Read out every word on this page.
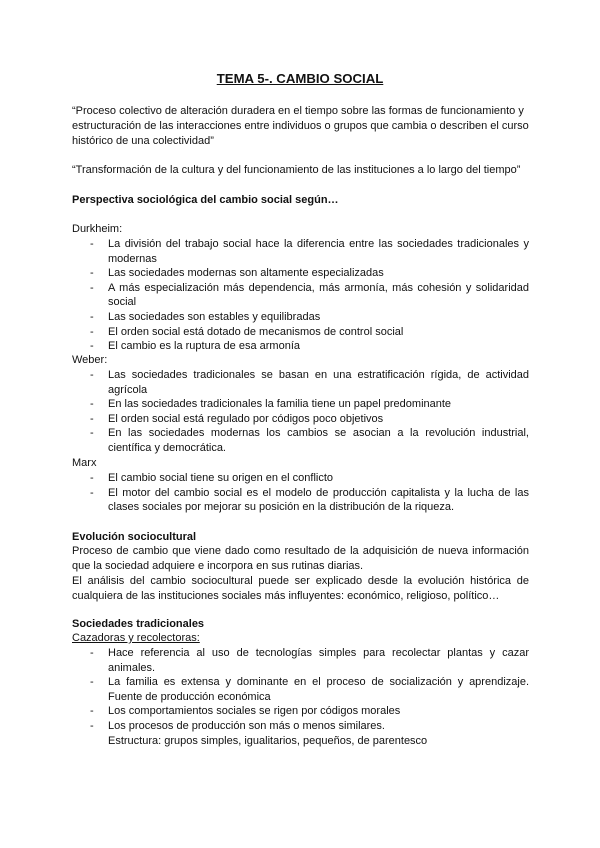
TEMA 5-. CAMBIO SOCIAL

“Proceso colectivo de alteración duradera en el tiempo sobre las formas de funcionamiento y estructuración de las interacciones entre individuos o grupos que cambia o describen el curso histórico de una colectividad”

“Transformación de la cultura y del funcionamiento de las instituciones a lo largo del tiempo”

Perspectiva sociológica del cambio social según…

Durkheim:

- La división del trabajo social hace la diferencia entre las sociedades tradicionales y modernas
- Las sociedades modernas son altamente especializadas
- A más especialización más dependencia, más armonía, más cohesión y solidaridad social
- Las sociedades son estables y equilibradas
- El orden social está dotado de mecanismos de control social
- El cambio es la ruptura de esa armonía

Weber:

- Las sociedades tradicionales se basan en una estratificación rígida, de actividad agrícola
- En las sociedades tradicionales la familia tiene un papel predominante
- El orden social está regulado por códigos poco objetivos
- En las sociedades modernas los cambios se asocian a la revolución industrial, científica y democrática.

Marx

- El cambio social tiene su origen en el conflicto
- El motor del cambio social es el modelo de producción capitalista y la lucha de las clases sociales por mejorar su posición en la distribución de la riqueza.

Evolución sociocultural

Proceso de cambio que viene dado como resultado de la adquisición de nueva información que la sociedad adquiere e incorpora en sus rutinas diarias.

El análisis del cambio sociocultural puede ser explicado desde la evolución histórica de cualquiera de las instituciones sociales más influyentes: económico, religioso, político…

Sociedades tradicionales

Cazadoras y recolectoras:

- Hace referencia al uso de tecnologías simples para recolectar plantas y cazar animales.
- La familia es extensa y dominante en el proceso de socialización y aprendizaje. Fuente de producción económica
- Los comportamientos sociales se rigen por códigos morales
- Los procesos de producción son más o menos similares.

Estructura: grupos simples, igualitarios, pequeños, de parentesco
